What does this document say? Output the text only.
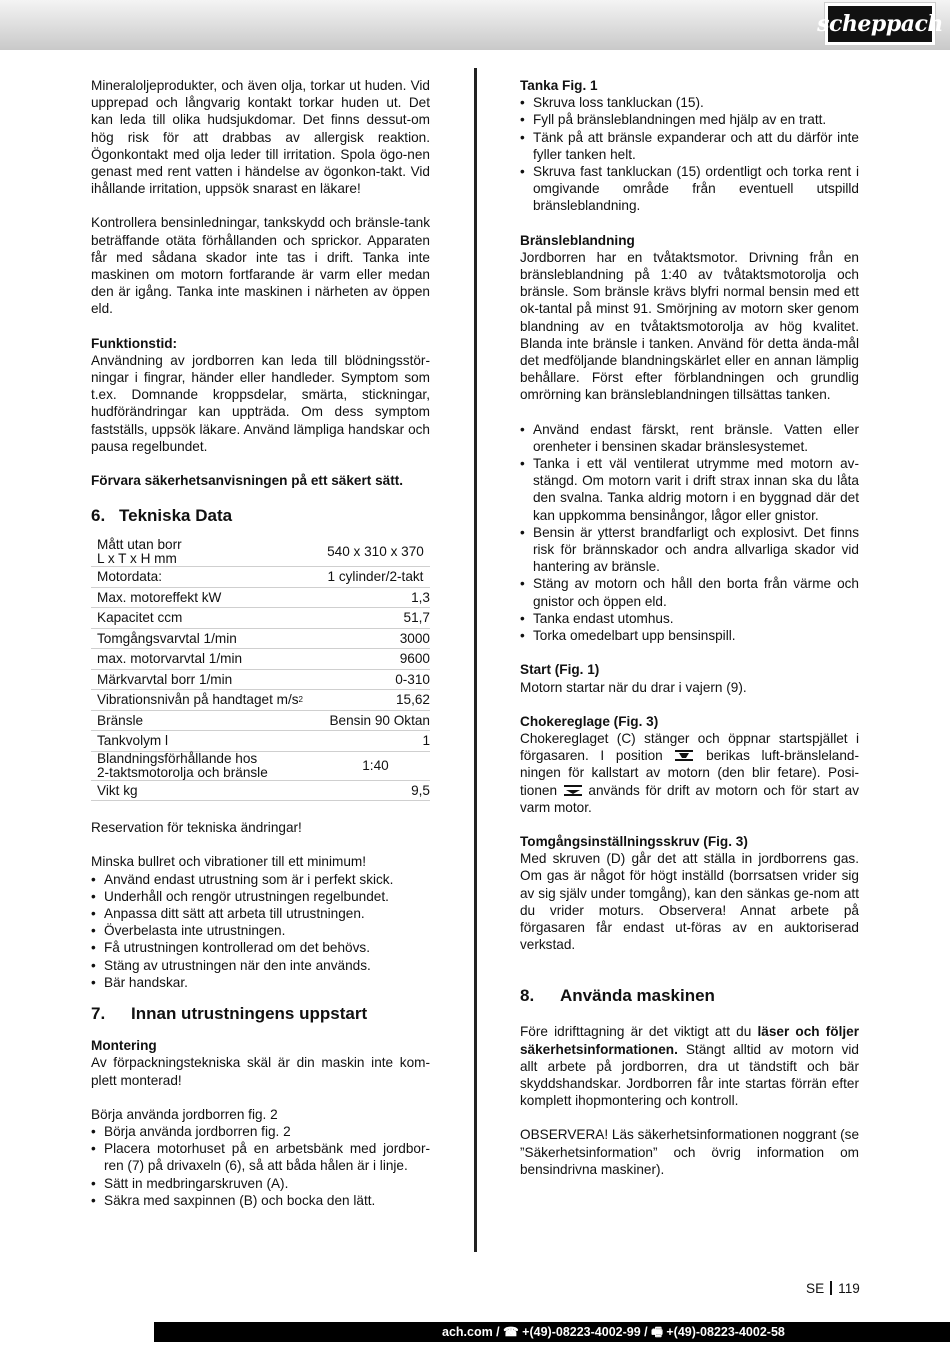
scheppach

Mineraloljeprodukter, och även olja, torkar ut huden. Vid upprepad och långvarig kontakt torkar huden ut. Det kan leda till olika hudsjukdomar. Det finns dessut-om hög risk för att drabbas av allergisk reaktion. Ögonkontakt med olja leder till irritation. Spola ögo-nen genast med rent vatten i händelse av ögonkon-takt. Vid ihållande irritation, uppsök snarast en läkare!

Kontrollera bensinledningar, tankskydd och bränsle-tank beträffande otäta förhållanden och sprickor. Apparaten får med sådana skador inte tas i drift. Tanka inte maskinen om motorn fortfarande är varm eller medan den är igång. Tanka inte maskinen i närheten av öppen eld.

Funktionstid:

Användning av jordborren kan leda till blödningsstör-ningar i fingrar, händer eller handleder. Symptom som t.ex. Domnande kroppsdelar, smärta, stickningar, hudförändringar kan uppträda. Om dess symptom fastställs, uppsök läkare. Använd lämpliga handskar och pausa regelbundet.

Förvara säkerhetsanvisningen på ett säkert sätt.

6. Tekniska Data
Mått utan borr
L x T x H mm	540 x 310 x 370
Motordata:	1 cylinder/2-takt
Max. motoreffekt kW	1,3
Kapacitet ccm	51,7
Tomgångsvarvtal 1/min	3000
max. motorvarvtal 1/min	9600
Märkvarvtal borr 1/min	0-310
Vibrationsnivån på handtaget $m/s^2$	15,62
Bränsle	Bensin 90 Oktan
Tankvolym l	1
Blandningsförhållande hos
2-taktsmotorolja och bränsle	1:40
Vikt kg	9,5

Reservation för tekniska ändringar!

Minska bullret och vibrationer till ett minimum!

• Använd endast utrustning som är i perfekt skick.
• Underhåll och rengör utrustningen regelbundet.
• Anpassa ditt sätt att arbeta till utrustningen.
• Överbelasta inte utrustningen.
• Få utrustningen kontrollerad om det behövs.
• Stäng av utrustningen när den inte används.
• Bär handskar.
7. Innan utrustningens uppstart

Montering

Av förpackningstekniska skäl är din maskin inte kom-plett monterad!

Börja använda jordborren fig. 2

• Börja använda jordborren fig. 2
• Placera motorhuset på en arbetsbänk med jordbor-ren (7) på drivaxeln (6), så att båda hålen är i linje.
• Sätt in medbringarskruven (A).
• Säkra med saxpinnen (B) och bocka den lätt.

Tanka Fig. 1

• Skruva loss tankluckan (15).
• Fyll på bränsleblandningen med hjälp av en tratt.
• Tänk på att bränsle expanderar och att du därför inte fyller tanken helt.
• Skruva fast tankluckan (15) ordentligt och torka rent i omgivande område från eventuell utspilld bränsleblandning.

Bränsleblandning

Jordborren har en tvåtaktsmotor. Drivning från en bränsleblandning på 1:40 av tvåtaktsmotorolja och bränsle. Som bränsle krävs blyfri normal bensin med ett ok-tantal på minst 91. Smörjning av motorn sker genom blandning av en tvåtaktsmotorolja av hög kvalitet. Blanda inte bränsle i tanken. Använd för detta ända-mål det medföljande blandningskärlet eller en annan lämplig behållare. Först efter förblandningen och grundlig omrörning kan bränsleblandningen tillsättas tanken.

• Använd endast färskt, rent bränsle. Vatten eller orenheter i bensinen skadar bränslesystemet.
• Tanka i ett väl ventilerat utrymme med motorn av-stängd. Om motorn varit i drift strax innan ska du låta den svalna. Tanka aldrig motorn i en byggnad där det kan uppkomma bensinångor, lågor eller gnistor.
• Bensin är ytterst brandfarligt och explosivt. Det finns risk för brännskador och andra allvarliga skador vid hantering av bränsle.
• Stäng av motorn och håll den borta från värme och gnistor och öppen eld.
• Tanka endast utomhus.
• Torka omedelbart upp bensinspill.

Start (Fig. 1)

Motorn startar när du drar i vajern (9).

Chokereglage (Fig. 3)

Chokereglaget (C) stänger och öppnar startspjället i förgasaren. I position	berikas luft-bränsleland-ningen för kallstart av motorn (den blir fetare). Posi-tionen används för drift av motorn och för start av varm motor.

Tomgångsinställningsskruv (Fig. 3)

Med skruven (D) går det att ställa in jordborrens gas. Om gas är något för högt inställd (borrsatsen vrider sig av sig själv under tomgång), kan den sänkas ge-nom att du vrider moturs. Observera! Annat arbete på förgasaren får endast ut-föras av en auktoriserad verkstad.

8. Använda maskinen

Före idrifttagning är det viktigt att du läser och följer säkerhetsinformationen. Stängt alltid av motorn vid allt arbete på jordborren, dra ut tändstift och bär skyddshandskar. Jordborren får inte startas förrän efter komplett ihopmontering och kontroll.

OBSERVERA! Läs säkerhetsinformationen noggrant (se ”Säkerhetsinformation” och övrig information om bensindrivna maskiner).

SE 119
ach.com / ☎ +(49)-08223-4002-99 / 🖷 +(49)-08223-4002-58
